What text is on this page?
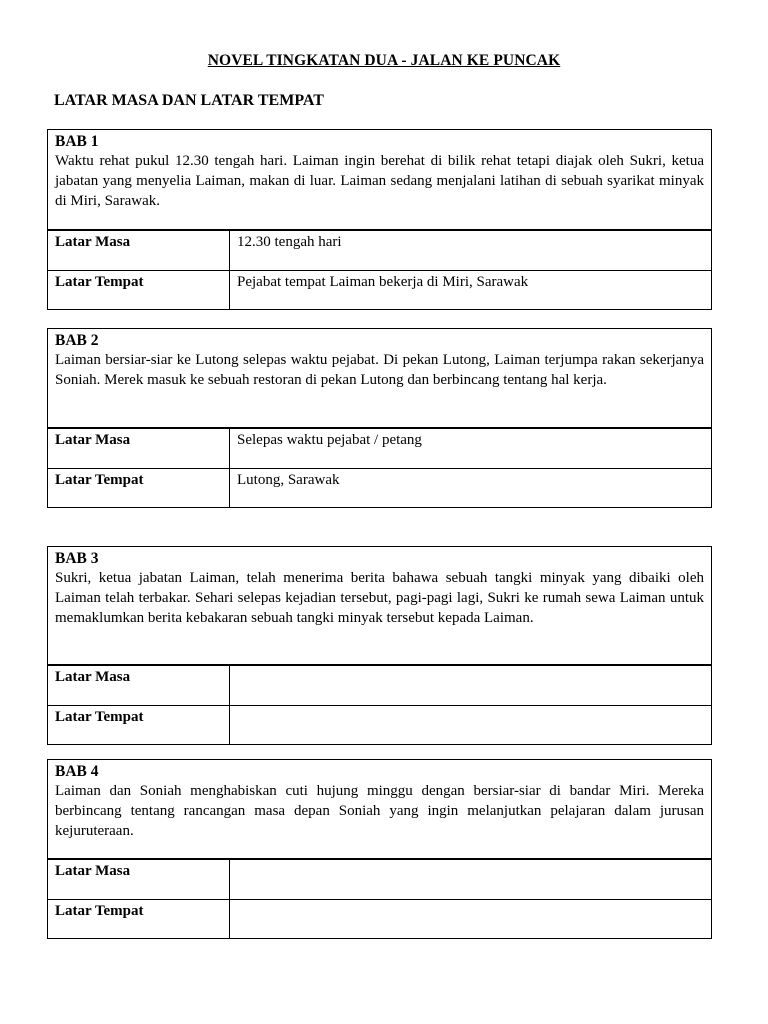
NOVEL TINGKATAN DUA - JALAN KE PUNCAK
LATAR MASA DAN LATAR TEMPAT
BAB 1
Waktu rehat pukul 12.30 tengah hari. Laiman ingin berehat di bilik rehat tetapi diajak oleh Sukri, ketua jabatan yang menyelia Laiman, makan di luar. Laiman sedang menjalani latihan di sebuah syarikat minyak di Miri, Sarawak.
Latar Masa	12.30 tengah hari
Latar Tempat	Pejabat tempat Laiman bekerja di Miri, Sarawak
BAB 2
Laiman bersiar-siar ke Lutong selepas waktu pejabat. Di pekan Lutong, Laiman terjumpa rakan sekerjanya Soniah. Merek masuk ke sebuah restoran di pekan Lutong dan berbincang tentang hal kerja.
Latar Masa	Selepas waktu pejabat / petang
Latar Tempat	Lutong, Sarawak
BAB 3
Sukri, ketua jabatan Laiman, telah menerima berita bahawa sebuah tangki minyak yang dibaiki oleh Laiman telah terbakar. Sehari selepas kejadian tersebut, pagi-pagi lagi, Sukri ke rumah sewa Laiman untuk memaklumkan berita kebakaran sebuah tangki minyak tersebut kepada Laiman.
Latar Masa
Latar Tempat
BAB 4
Laiman dan Soniah menghabiskan cuti hujung minggu dengan bersiar-siar di bandar Miri. Mereka berbincang tentang rancangan masa depan Soniah yang ingin melanjutkan pelajaran dalam jurusan kejuruteraan.
Latar Masa
Latar Tempat
